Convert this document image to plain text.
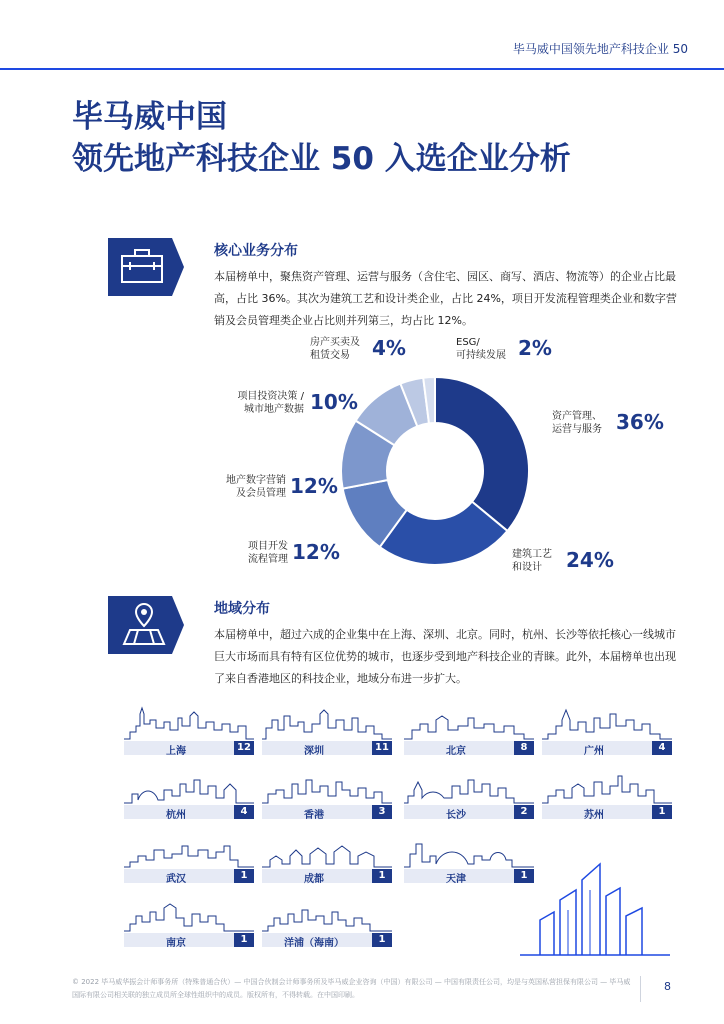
毕马威中国领先地产科技企业 50
毕马威中国
领先地产科技企业 50 入选企业分析
核心业务分布
本届榜单中，聚焦资产管理、运营与服务（含住宅、园区、商写、酒店、物流等）的企业占比最高，占比 36%。其次为建筑工艺和设计类企业，占比 24%，项目开发流程管理类企业和数字营销及会员管理类企业占比则并列第三，均占比 12%。
房产买卖及
租赁交易	4%	ESG/
可持续发展 2%
项目投资决策 /
城市地产数据 10%
资产管理、
运营与服务 36%
地产数字营销
及会员管理 12%
项目开发
流程管理 12%	建筑工艺
和设计	24%
地域分布
本届榜单中，超过六成的企业集中在上海、深圳、北京。同时，杭州、长沙等依托核心一线城市巨大市场而具有特有区位优势的城市，也逐步受到地产科技企业的青睐。此外，本届榜单也出现了来自香港地区的科技企业，地域分布进一步扩大。
上海	12	深圳	11	北京	8	广州	4
杭州	4	香港	3	长沙	2	苏州	1
武汉	1	成都	1	天津	1
南京	1	洋浦（海南）	1
© 2022 毕马威华振会计师事务所（特殊普通合伙）— 中国合伙制会计师事务所及毕马威企业咨询（中国）有限公司 — 中国有限责任公司，均是与英国私营担保有限公司 — 毕马威国际有限公司相关联的独立成员所全球性组织中的成员。版权所有，不得转载。在中国印刷。
8
